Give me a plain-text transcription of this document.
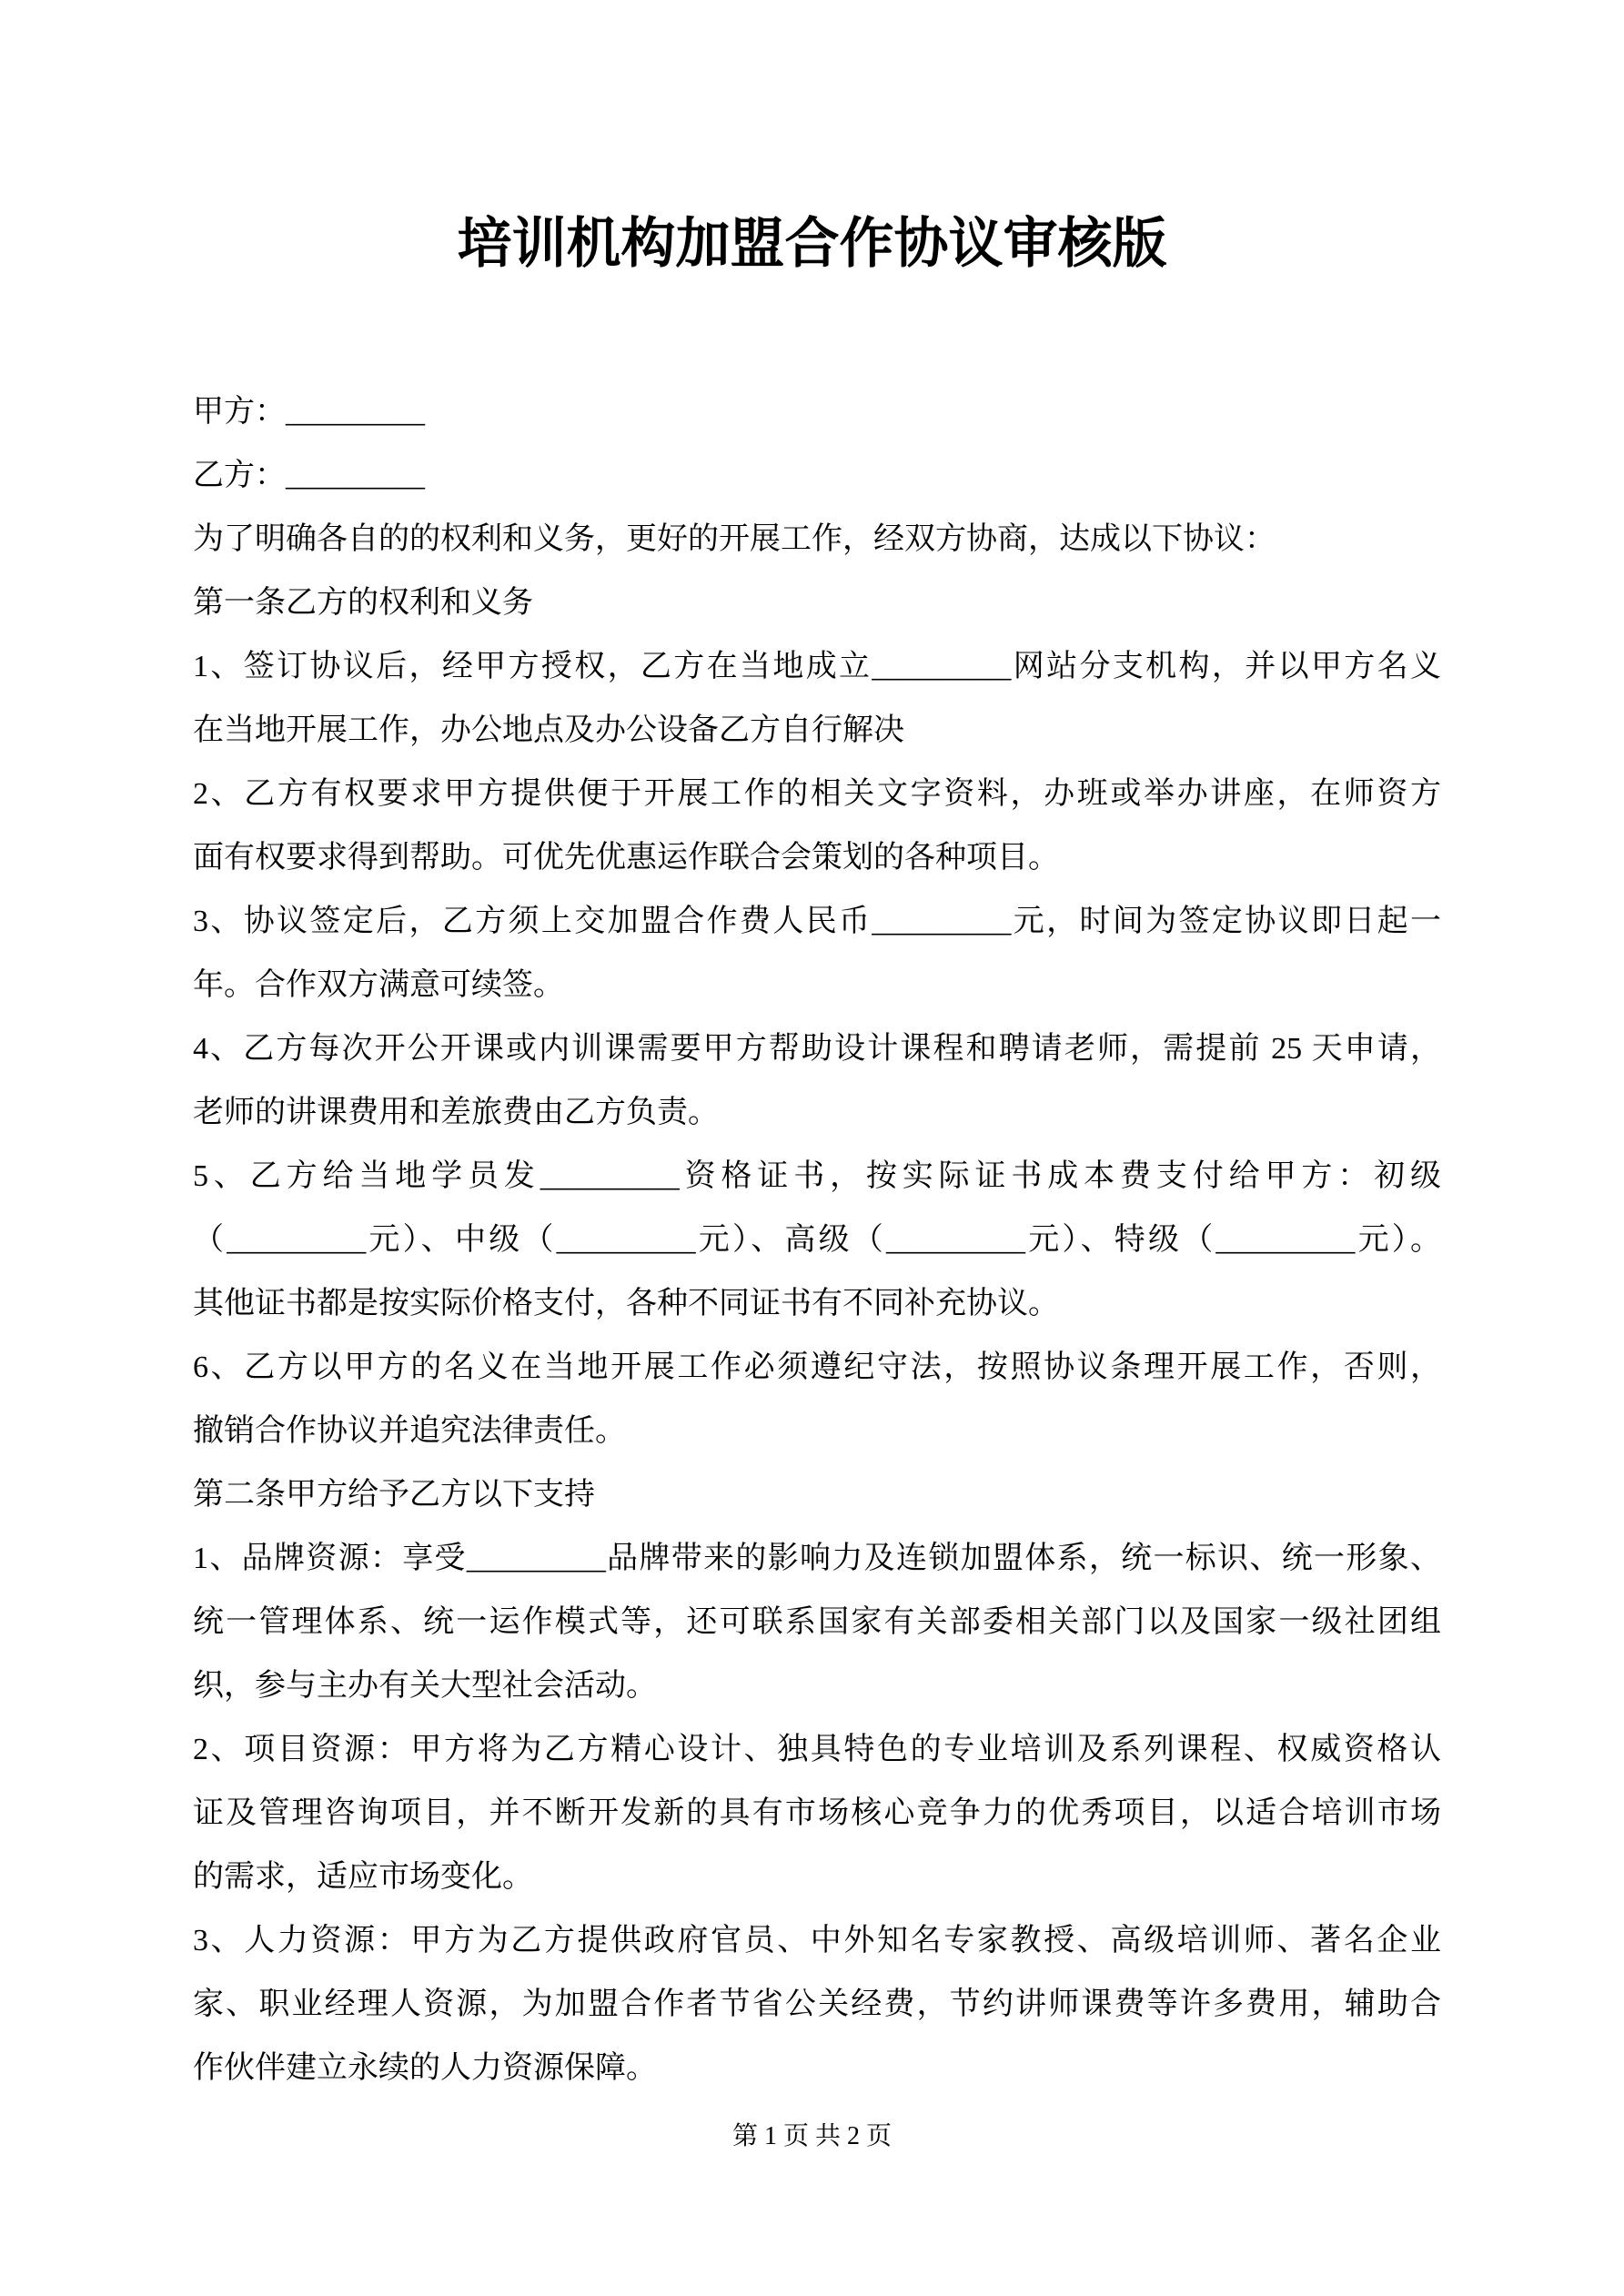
培训机构加盟合作协议审核版
甲方：_________
乙方：_________
为了明确各自的的权利和义务，更好的开展工作，经双方协商，达成以下协议：
第一条乙方的权利和义务
1、签订协议后，经甲方授权，乙方在当地成立_________网站分支机构，并以甲方名义
在当地开展工作，办公地点及办公设备乙方自行解决
2、乙方有权要求甲方提供便于开展工作的相关文字资料，办班或举办讲座，在师资方
面有权要求得到帮助。可优先优惠运作联合会策划的各种项目。
3、协议签定后，乙方须上交加盟合作费人民币_________元，时间为签定协议即日起一
年。合作双方满意可续签。
4、乙方每次开公开课或内训课需要甲方帮助设计课程和聘请老师，需提前 25 天申请，
老师的讲课费用和差旅费由乙方负责。
5、乙方给当地学员发_________资格证书，按实际证书成本费支付给甲方：初级
（_________元）、中级（_________元）、高级（_________元）、特级（_________元）。
其他证书都是按实际价格支付，各种不同证书有不同补充协议。
6、乙方以甲方的名义在当地开展工作必须遵纪守法，按照协议条理开展工作，否则，
撤销合作协议并追究法律责任。
第二条甲方给予乙方以下支持
1、品牌资源：享受_________品牌带来的影响力及连锁加盟体系，统一标识、统一形象、
统一管理体系、统一运作模式等，还可联系国家有关部委相关部门以及国家一级社团组
织，参与主办有关大型社会活动。
2、项目资源：甲方将为乙方精心设计、独具特色的专业培训及系列课程、权威资格认
证及管理咨询项目，并不断开发新的具有市场核心竞争力的优秀项目，以适合培训市场
的需求，适应市场变化。
3、人力资源：甲方为乙方提供政府官员、中外知名专家教授、高级培训师、著名企业
家、职业经理人资源，为加盟合作者节省公关经费，节约讲师课费等许多费用，辅助合
作伙伴建立永续的人力资源保障。
第 1 页 共 2 页
